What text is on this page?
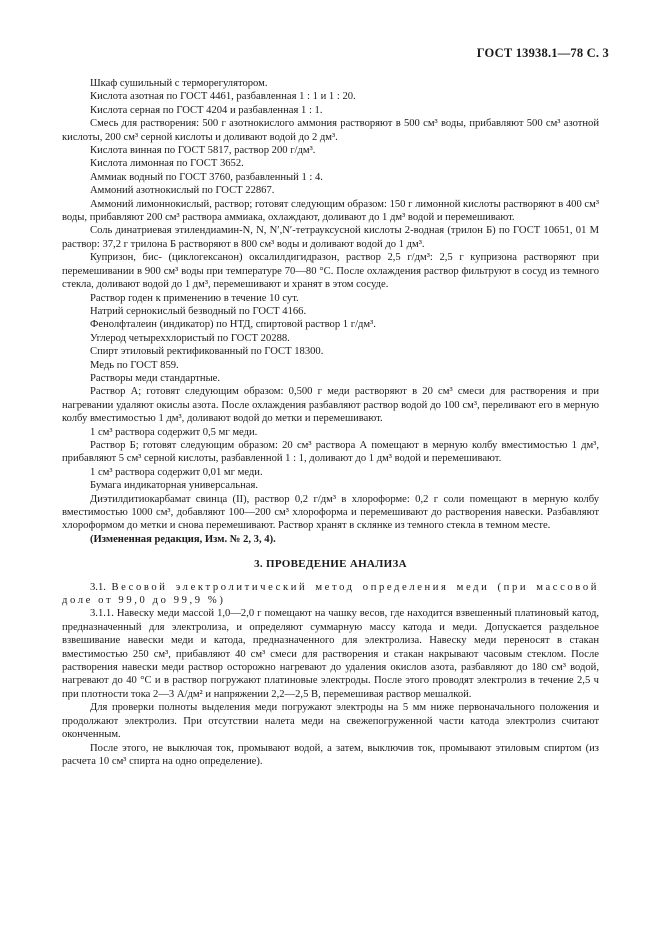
ГОСТ 13938.1—78 С. 3

Шкаф сушильный с терморегулятором.

Кислота азотная по ГОСТ 4461, разбавленная 1 : 1 и 1 : 20.

Кислота серная по ГОСТ 4204 и разбавленная 1 : 1.

Смесь для растворения: 500 г азотнокислого аммония растворяют в 500 см³ воды, прибавляют 500 см³ азотной кислоты, 200 см³ серной кислоты и доливают водой до 2 дм³.

Кислота винная по ГОСТ 5817, раствор 200 г/дм³.

Кислота лимонная по ГОСТ 3652.

Аммиак водный по ГОСТ 3760, разбавленный 1 : 4.

Аммоний азотнокислый по ГОСТ 22867.

Аммоний лимоннокислый, раствор; готовят следующим образом: 150 г лимонной кислоты растворяют в 400 см³ воды, прибавляют 200 см³ раствора аммиака, охлаждают, доливают до 1 дм³ водой и перемешивают.

Соль динатриевая этилендиамин-N, N, N′,N′-тетрауксусной кислоты 2-водная (трилон Б) по ГОСТ 10651, 01 М раствор: 37,2 г трилона Б растворяют в 800 см³ воды и доливают водой до 1 дм³.

Купризон, бис- (циклогексанон) оксалилдигидразон, раствор 2,5 г/дм³: 2,5 г купризона растворяют при перемешивании в 900 см³ воды при температуре 70—80 °С. После охлаждения раствор фильтруют в сосуд из темного стекла, доливают водой до 1 дм³, перемешивают и хранят в этом сосуде.

Раствор годен к применению в течение 10 сут.

Натрий сернокислый безводный по ГОСТ 4166.

Фенолфталеин (индикатор) по НТД, спиртовой раствор 1 г/дм³.

Углерод четыреххлористый по ГОСТ 20288.

Спирт этиловый ректификованный по ГОСТ 18300.

Медь по ГОСТ 859.

Растворы меди стандартные.

Раствор А; готовят следующим образом: 0,500 г меди растворяют в 20 см³ смеси для растворения и при нагревании удаляют окислы азота. После охлаждения разбавляют раствор водой до 100 см³, переливают его в мерную колбу вместимостью 1 дм³, доливают водой до метки и перемешивают.

1 см³ раствора содержит 0,5 мг меди.

Раствор Б; готовят следующим образом: 20 см³ раствора А помещают в мерную колбу вместимостью 1 дм³, прибавляют 5 см³ серной кислоты, разбавленной 1 : 1, доливают до 1 дм³ водой и перемешивают.

1 см³ раствора содержит 0,01 мг меди.

Бумага индикаторная универсальная.

Диэтилдитиокарбамат свинца (II), раствор 0,2 г/дм³ в хлороформе: 0,2 г соли помещают в мерную колбу вместимостью 1000 см³, добавляют 100—200 см³ хлороформа и перемешивают до растворения навески. Разбавляют хлороформом до метки и снова перемешивают. Раствор хранят в склянке из темного стекла в темном месте.

(Измененная редакция, Изм. № 2, 3, 4).

3. ПРОВЕДЕНИЕ АНАЛИЗА

3.1. Весовой электролитический метод определения меди (при массовой доле от 99,0 до 99,9 %)

3.1.1. Навеску меди массой 1,0—2,0 г помещают на чашку весов, где находится взвешенный платиновый катод, предназначенный для электролиза, и определяют суммарную массу катода и меди. Допускается раздельное взвешивание навески меди и катода, предназначенного для электролиза. Навеску меди переносят в стакан вместимостью 250 см³, прибавляют 40 см³ смеси для растворения и стакан накрывают часовым стеклом. После растворения навески меди раствор осторожно нагревают до удаления окислов азота, разбавляют до 180 см³ водой, нагревают до 40 °С и в раствор погружают платиновые электроды. После этого проводят электролиз в течение 2,5 ч при плотности тока 2—3 А/дм² и напряжении 2,2—2,5 В, перемешивая раствор мешалкой.

Для проверки полноты выделения меди погружают электроды на 5 мм ниже первоначального положения и продолжают электролиз. При отсутствии налета меди на свежепогруженной части катода электролиз считают оконченным.

После этого, не выключая ток, промывают водой, а затем, выключив ток, промывают этиловым спиртом (из расчета 10 см³ спирта на одно определение).
